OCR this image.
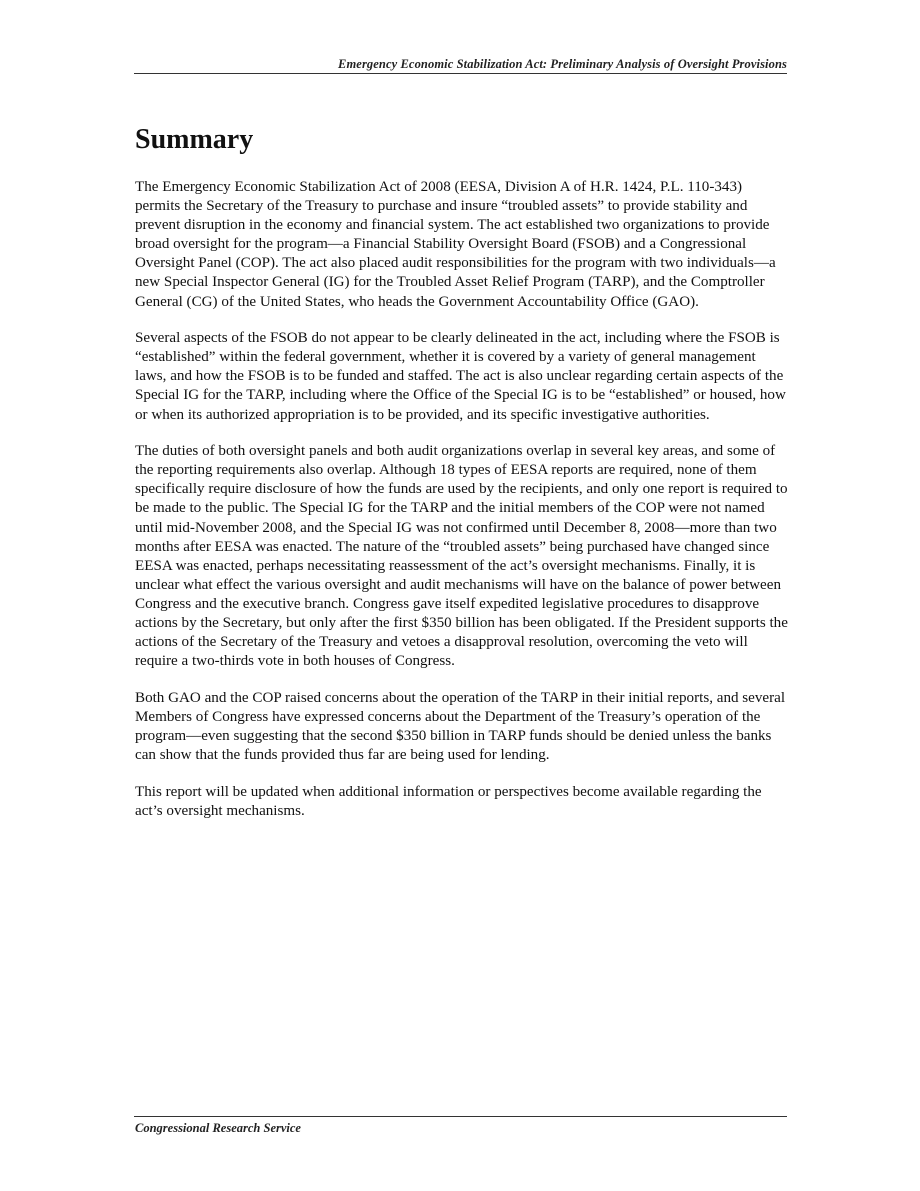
Emergency Economic Stabilization Act: Preliminary Analysis of Oversight Provisions
Summary

The Emergency Economic Stabilization Act of 2008 (EESA, Division A of H.R. 1424, P.L. 110-343) permits the Secretary of the Treasury to purchase and insure “troubled assets” to provide stability and prevent disruption in the economy and financial system. The act established two organizations to provide broad oversight for the program—a Financial Stability Oversight Board (FSOB) and a Congressional Oversight Panel (COP). The act also placed audit responsibilities for the program with two individuals—a new Special Inspector General (IG) for the Troubled Asset Relief Program (TARP), and the Comptroller General (CG) of the United States, who heads the Government Accountability Office (GAO).

Several aspects of the FSOB do not appear to be clearly delineated in the act, including where the FSOB is “established” within the federal government, whether it is covered by a variety of general management laws, and how the FSOB is to be funded and staffed. The act is also unclear regarding certain aspects of the Special IG for the TARP, including where the Office of the Special IG is to be “established” or housed, how or when its authorized appropriation is to be provided, and its specific investigative authorities.

The duties of both oversight panels and both audit organizations overlap in several key areas, and some of the reporting requirements also overlap. Although 18 types of EESA reports are required, none of them specifically require disclosure of how the funds are used by the recipients, and only one report is required to be made to the public. The Special IG for the TARP and the initial members of the COP were not named until mid-November 2008, and the Special IG was not confirmed until December 8, 2008—more than two months after EESA was enacted. The nature of the “troubled assets” being purchased have changed since EESA was enacted, perhaps necessitating reassessment of the act’s oversight mechanisms. Finally, it is unclear what effect the various oversight and audit mechanisms will have on the balance of power between Congress and the executive branch. Congress gave itself expedited legislative procedures to disapprove actions by the Secretary, but only after the first $350 billion has been obligated. If the President supports the actions of the Secretary of the Treasury and vetoes a disapproval resolution, overcoming the veto will require a two-thirds vote in both houses of Congress.

Both GAO and the COP raised concerns about the operation of the TARP in their initial reports, and several Members of Congress have expressed concerns about the Department of the Treasury’s operation of the program—even suggesting that the second $350 billion in TARP funds should be denied unless the banks can show that the funds provided thus far are being used for lending.

This report will be updated when additional information or perspectives become available regarding the act’s oversight mechanisms.

Congressional Research Service
